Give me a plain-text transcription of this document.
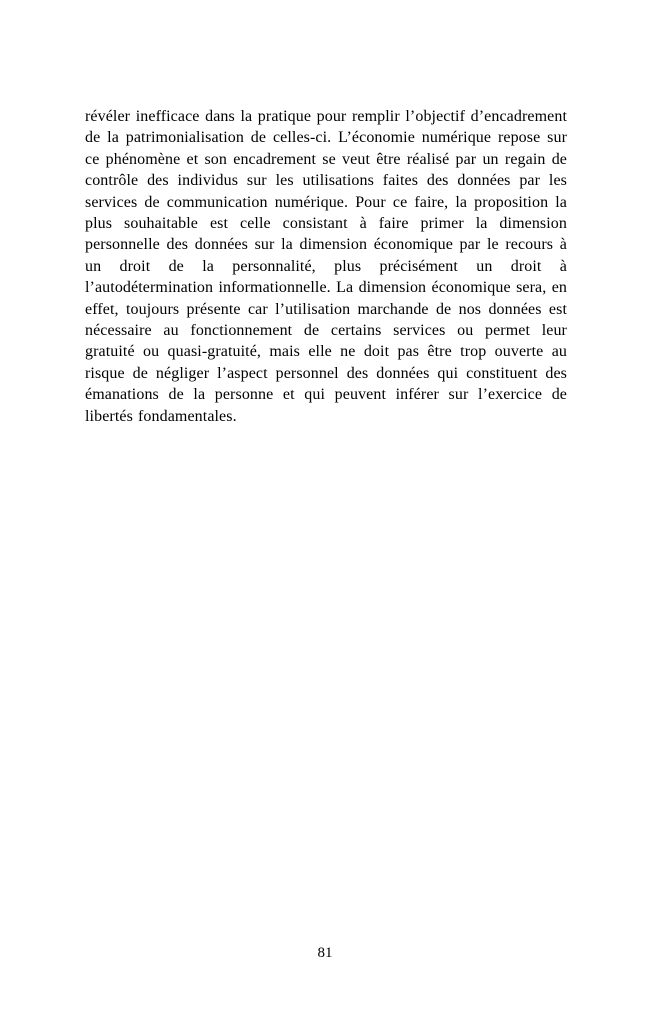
révéler inefficace dans la pratique pour remplir l’objectif d’encadrement de la patrimonialisation de celles-ci. L’économie numérique repose sur ce phénomène et son encadrement se veut être réalisé par un regain de contrôle des individus sur les utilisations faites des données par les services de communication numérique. Pour ce faire, la proposition la plus souhaitable est celle consistant à faire primer la dimension personnelle des données sur la dimension économique par le recours à un droit de la personnalité, plus précisément un droit à l’autodétermination informationnelle. La dimension économique sera, en effet, toujours présente car l’utilisation marchande de nos données est nécessaire au fonctionnement de certains services ou permet leur gratuité ou quasi-gratuité, mais elle ne doit pas être trop ouverte au risque de négliger l’aspect personnel des données qui constituent des émanations de la personne et qui peuvent inférer sur l’exercice de libertés fondamentales.

81
